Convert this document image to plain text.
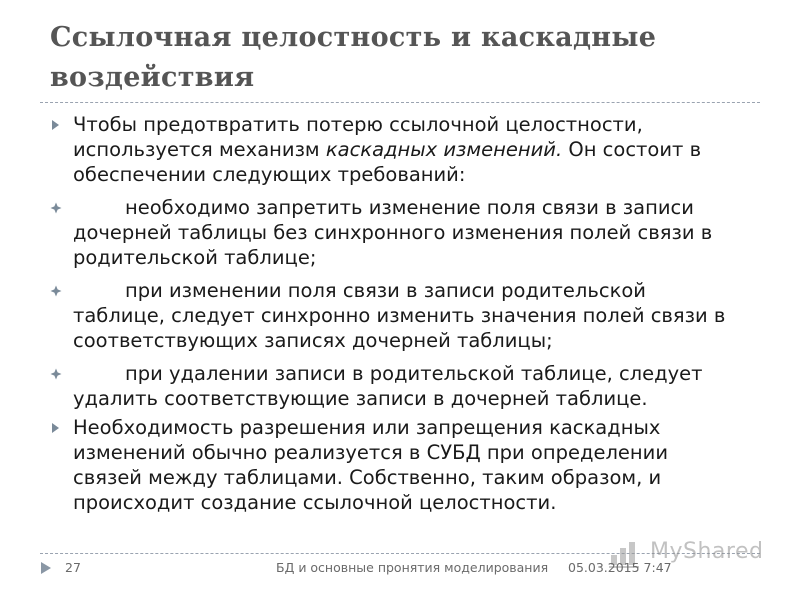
Ссылочная целостность и каскадные воздействия
Чтобы предотвратить потерю ссылочной целостности, используется механизм каскадных изменений. Он состоит в обеспечении следующих требований:
необходимо запретить изменение поля связи в записи дочерней таблицы без синхронного изменения полей связи в родительской таблице;
при изменении поля связи в записи родительской таблице, следует синхронно изменить значения полей связи в соответствующих записях дочерней таблицы;
при удалении записи в родительской таблице, следует удалить соответствующие записи в дочерней таблице.
Необходимость разрешения или запрещения каскадных изменений обычно реализуется в СУБД при определении связей между таблицами. Собственно, таким образом, и происходит создание ссылочной целостности.
MyShared
27	БД и основные пронятия моделирования 05.03.2015 7:47
